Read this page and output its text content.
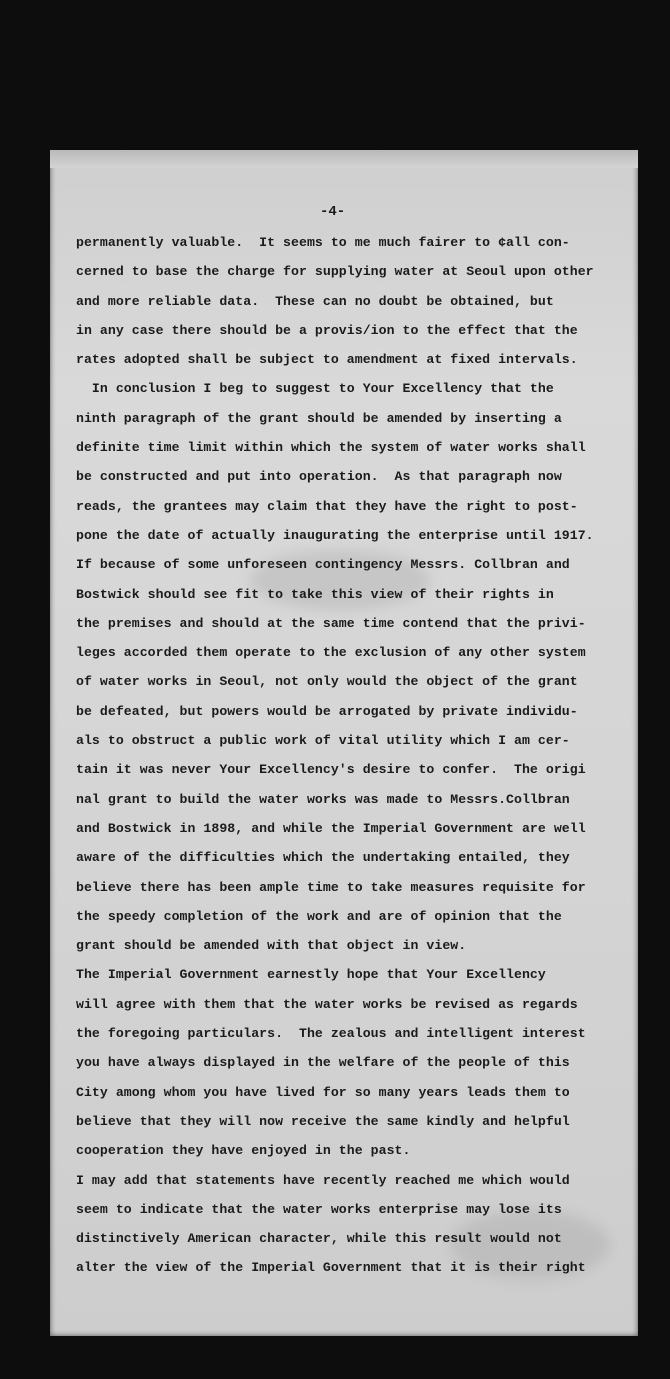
-4-
permanently valuable.  It seems to me much fairer to ¢all con-
cerned to base the charge for supplying water at Seoul upon other
and more reliable data.  These can no doubt be obtained, but
in any case there should be a provis/ion to the effect that the
rates adopted shall be subject to amendment at fixed intervals.
In conclusion I beg to suggest to Your Excellency that the
ninth paragraph of the grant should be amended by inserting a
definite time limit within which the system of water works shall
be constructed and put into operation.  As that paragraph now
reads, the grantees may claim that they have the right to post-
pone the date of actually inaugurating the enterprise until 1917.
If because of some unforeseen contingency Messrs. Collbran and
Bostwick should see fit to take this view of their rights in
the premises and should at the same time contend that the privi-
leges accorded them operate to the exclusion of any other system
of water works in Seoul, not only would the object of the grant
be defeated, but powers would be arrogated by private individu-
als to obstruct a public work of vital utility which I am cer-
tain it was never Your Excellency's desire to confer.  The origi
nal grant to build the water works was made to Messrs.Collbran
and Bostwick in 1898, and while the Imperial Government are well
aware of the difficulties which the undertaking entailed, they
believe there has been ample time to take measures requisite for
the speedy completion of the work and are of opinion that the
grant should be amended with that object in view.
The Imperial Government earnestly hope that Your Excellency
will agree with them that the water works be revised as regards
the foregoing particulars.  The zealous and intelligent interest
you have always displayed in the welfare of the people of this
City among whom you have lived for so many years leads them to
believe that they will now receive the same kindly and helpful
cooperation they have enjoyed in the past.
I may add that statements have recently reached me which would
seem to indicate that the water works enterprise may lose its
distinctively American character, while this result would not
alter the view of the Imperial Government that it is their right
